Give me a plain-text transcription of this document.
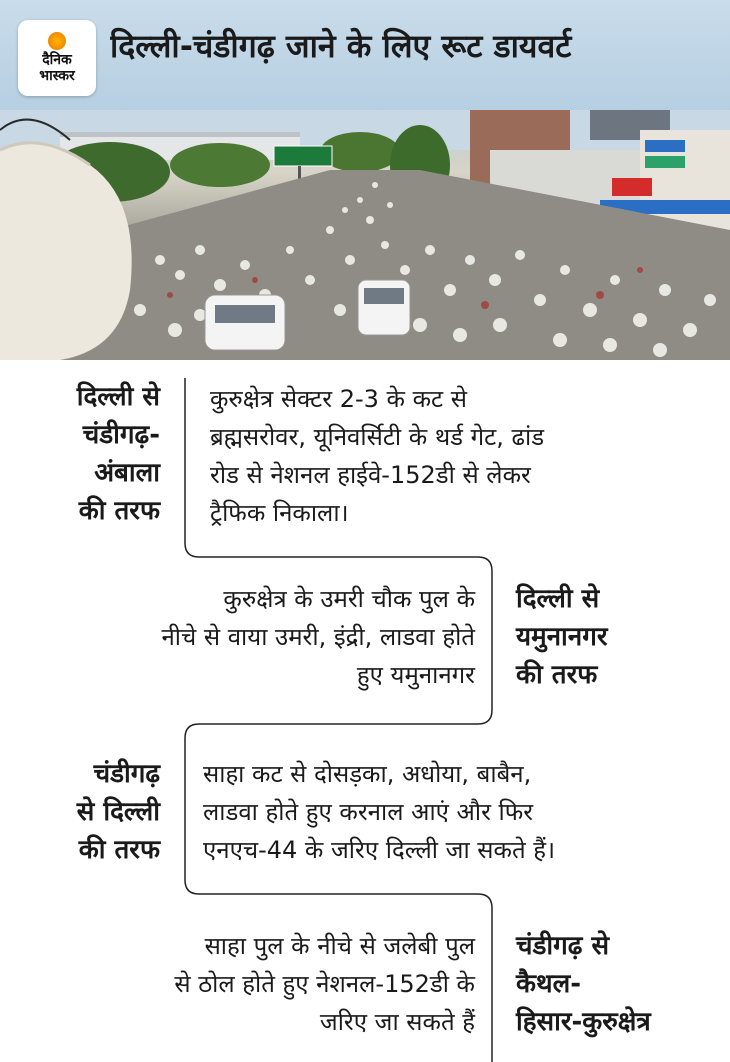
दैनिक
भास्कर
दिल्ली-चंडीगढ़ जाने के लिए रूट डायवर्ट
दिल्ली से
चंडीगढ़-
अंबाला
की तरफ
कुरुक्षेत्र सेक्टर 2-3 के कट से
ब्रह्मसरोवर, यूनिवर्सिटी के थर्ड गेट, ढांड
रोड से नेशनल हाईवे-152डी से लेकर
ट्रैफिक निकाला।
कुरुक्षेत्र के उमरी चौक पुल के
नीचे से वाया उमरी, इंद्री, लाडवा होते
हुए यमुनानगर
दिल्ली से
यमुनानगर
की तरफ
चंडीगढ़
से दिल्ली
की तरफ
साहा कट से दोसड़का, अधोया, बाबैन,
लाडवा होते हुए करनाल आएं और फिर
एनएच-44 के जरिए दिल्ली जा सकते हैं।
साहा पुल के नीचे से जलेबी पुल
से ठोल होते हुए नेशनल-152डी के
जरिए जा सकते हैं
चंडीगढ़ से
कैथल-
हिसार-कुरुक्षेत्र
